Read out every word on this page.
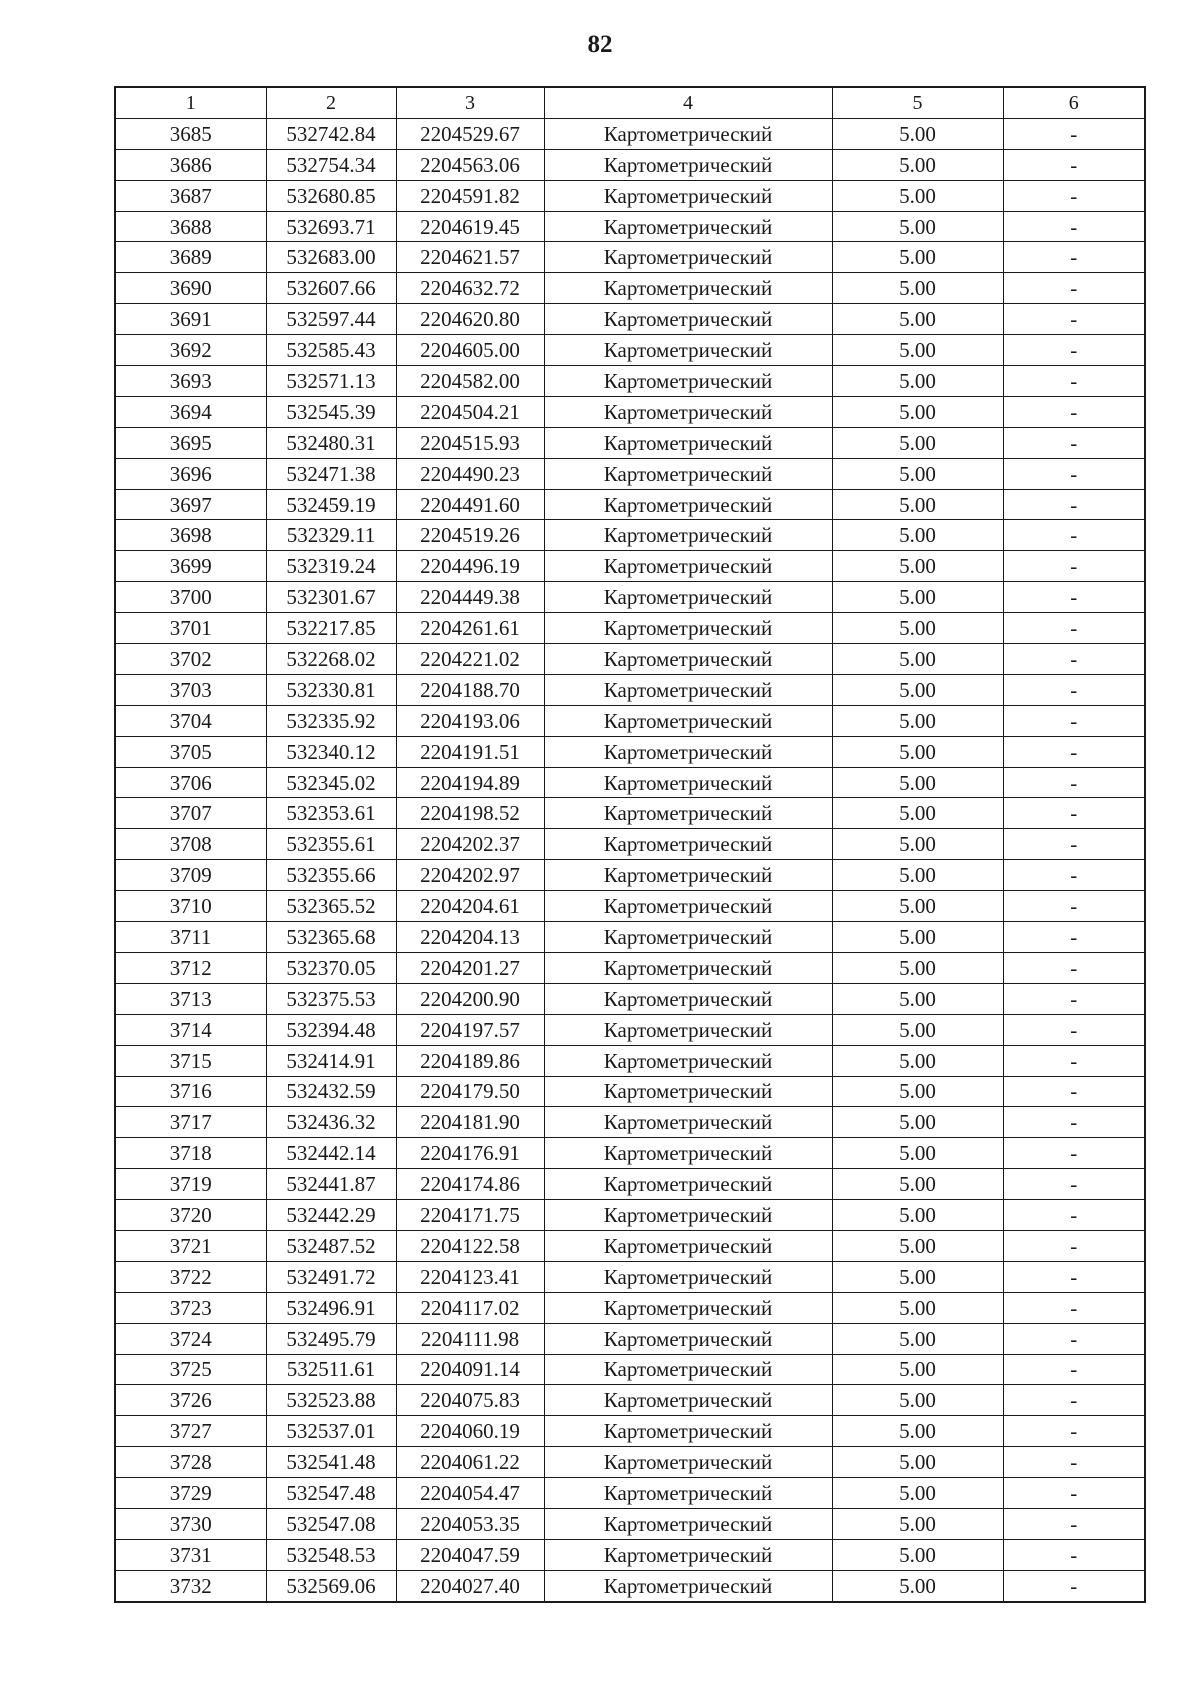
82
1	2	3	4	5	6
3685	532742.84	2204529.67	Картометрический	5.00	-
3686	532754.34	2204563.06	Картометрический	5.00	-
3687	532680.85	2204591.82	Картометрический	5.00	-
3688	532693.71	2204619.45	Картометрический	5.00	-
3689	532683.00	2204621.57	Картометрический	5.00	-
3690	532607.66	2204632.72	Картометрический	5.00	-
3691	532597.44	2204620.80	Картометрический	5.00	-
3692	532585.43	2204605.00	Картометрический	5.00	-
3693	532571.13	2204582.00	Картометрический	5.00	-
3694	532545.39	2204504.21	Картометрический	5.00	-
3695	532480.31	2204515.93	Картометрический	5.00	-
3696	532471.38	2204490.23	Картометрический	5.00	-
3697	532459.19	2204491.60	Картометрический	5.00	-
3698	532329.11	2204519.26	Картометрический	5.00	-
3699	532319.24	2204496.19	Картометрический	5.00	-
3700	532301.67	2204449.38	Картометрический	5.00	-
3701	532217.85	2204261.61	Картометрический	5.00	-
3702	532268.02	2204221.02	Картометрический	5.00	-
3703	532330.81	2204188.70	Картометрический	5.00	-
3704	532335.92	2204193.06	Картометрический	5.00	-
3705	532340.12	2204191.51	Картометрический	5.00	-
3706	532345.02	2204194.89	Картометрический	5.00	-
3707	532353.61	2204198.52	Картометрический	5.00	-
3708	532355.61	2204202.37	Картометрический	5.00	-
3709	532355.66	2204202.97	Картометрический	5.00	-
3710	532365.52	2204204.61	Картометрический	5.00	-
3711	532365.68	2204204.13	Картометрический	5.00	-
3712	532370.05	2204201.27	Картометрический	5.00	-
3713	532375.53	2204200.90	Картометрический	5.00	-
3714	532394.48	2204197.57	Картометрический	5.00	-
3715	532414.91	2204189.86	Картометрический	5.00	-
3716	532432.59	2204179.50	Картометрический	5.00	-
3717	532436.32	2204181.90	Картометрический	5.00	-
3718	532442.14	2204176.91	Картометрический	5.00	-
3719	532441.87	2204174.86	Картометрический	5.00	-
3720	532442.29	2204171.75	Картометрический	5.00	-
3721	532487.52	2204122.58	Картометрический	5.00	-
3722	532491.72	2204123.41	Картометрический	5.00	-
3723	532496.91	2204117.02	Картометрический	5.00	-
3724	532495.79	2204111.98	Картометрический	5.00	-
3725	532511.61	2204091.14	Картометрический	5.00	-
3726	532523.88	2204075.83	Картометрический	5.00	-
3727	532537.01	2204060.19	Картометрический	5.00	-
3728	532541.48	2204061.22	Картометрический	5.00	-
3729	532547.48	2204054.47	Картометрический	5.00	-
3730	532547.08	2204053.35	Картометрический	5.00	-
3731	532548.53	2204047.59	Картометрический	5.00	-
3732	532569.06	2204027.40	Картометрический	5.00	-
